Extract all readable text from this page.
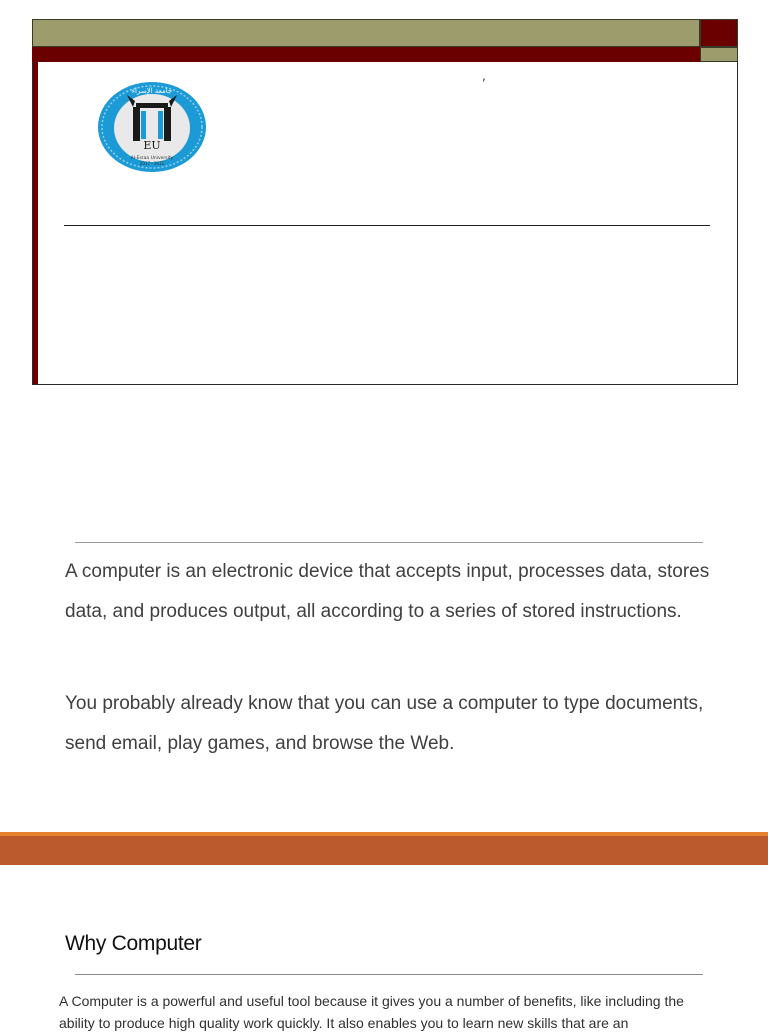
EU
Al-Esraa University
2017 - 2011
جامعة الإسراء
,

A computer is an electronic device that accepts input, processes data, stores data, and produces output, all according to a series of stored instructions.

You probably already know that you can use a computer to type documents, send email, play games, and browse the Web.

Why Computer

A Computer is a powerful and useful tool because it gives you a number of benefits, like including the ability to produce high quality work quickly. It also enables you to learn new skills that are an
